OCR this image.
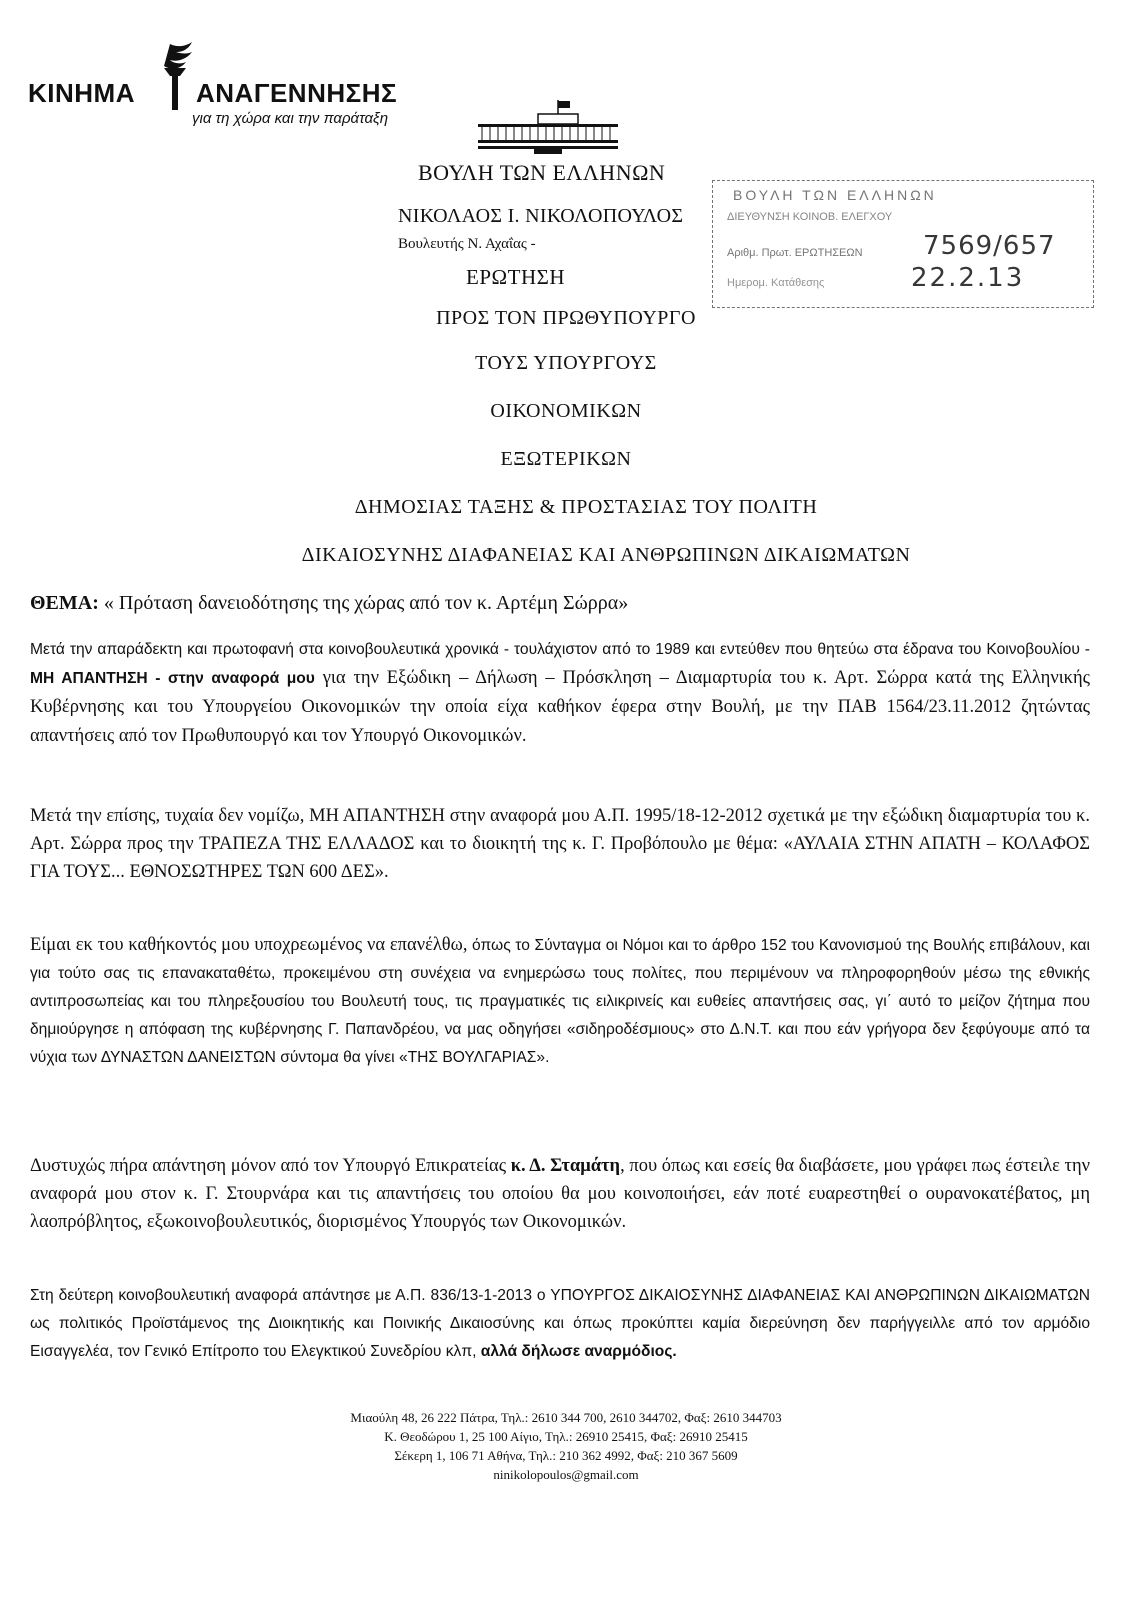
ΚΙΝΗΜΑ ΑΝΑΓΕΝΝΗΣΗΣ
για τη χώρα και την παράταξη
ΒΟΥΛΗ ΤΩΝ ΕΛΛΗΝΩΝ
ΝΙΚΟΛΑΟΣ Ι. ΝΙΚΟΛΟΠΟΥΛΟΣ
Βουλευτής Ν. Αχαΐας -
ΕΡΩΤΗΣΗ
ΒΟΥΛΗ ΤΩΝ ΕΛΛΗΝΩΝ
ΔΙΕΥΘΥΝΣΗ ΚΟΙΝΟΒ. ΕΛΕΓΧΟΥ
Αριθμ. Πρωτ. ΕΡΩΤΗΣΕΩΝ 7569/657
Ημερομ. Κατάθεσης	22.2.13
ΠΡΟΣ ΤΟΝ ΠΡΩΘΥΠΟΥΡΓΟ
ΤΟΥΣ ΥΠΟΥΡΓΟΥΣ
ΟΙΚΟΝΟΜΙΚΩΝ
ΕΞΩΤΕΡΙΚΩΝ
ΔΗΜΟΣΙΑΣ ΤΑΞΗΣ & ΠΡΟΣΤΑΣΙΑΣ ΤΟΥ ΠΟΛΙΤΗ
ΔΙΚΑΙΟΣΥΝΗΣ ΔΙΑΦΑΝΕΙΑΣ ΚΑΙ ΑΝΘΡΩΠΙΝΩΝ ΔΙΚΑΙΩΜΑΤΩΝ
ΘΕΜΑ: « Πρόταση δανειοδότησης της χώρας από τον κ. Αρτέμη Σώρρα»
Μετά την απαράδεκτη και πρωτοφανή στα κοινοβουλευτικά χρονικά - τουλάχιστον από το 1989 και εντεύθεν που θητεύω στα έδρανα του Κοινοβουλίου - ΜΗ ΑΠΑΝΤΗΣΗ - στην αναφορά μου για την Εξώδικη – Δήλωση – Πρόσκληση – Διαμαρτυρία του κ. Αρτ. Σώρρα κατά της Ελληνικής Κυβέρνησης και του Υπουργείου Οικονομικών την οποία είχα καθήκον έφερα στην Βουλή, με την ΠΑΒ 1564/23.11.2012 ζητώντας απαντήσεις από τον Πρωθυπουργό και τον Υπουργό Οικονομικών.
Μετά την επίσης, τυχαία δεν νομίζω, ΜΗ ΑΠΑΝΤΗΣΗ στην αναφορά μου Α.Π. 1995/18-12-2012 σχετικά με την εξώδικη διαμαρτυρία του κ. Αρτ. Σώρρα προς την ΤΡΑΠΕΖΑ ΤΗΣ ΕΛΛΑΔΟΣ και το διοικητή της κ. Γ. Προβόπουλο με θέμα: «ΑΥΛΑΙΑ ΣΤΗΝ ΑΠΑΤΗ – ΚΟΛΑΦΟΣ ΓΙΑ ΤΟΥΣ... ΕΘΝΟΣΩΤΗΡΕΣ ΤΩΝ 600 ΔΕΣ».
Είμαι εκ του καθήκοντός μου υποχρεωμένος να επανέλθω, όπως το Σύνταγμα οι Νόμοι και το άρθρο 152 του Κανονισμού της Βουλής επιβάλουν, και για τούτο σας τις επανακαταθέτω, προκειμένου στη συνέχεια να ενημερώσω τους πολίτες, που περιμένουν να πληροφορηθούν μέσω της εθνικής αντιπροσωπείας και του πληρεξουσίου του Βουλευτή τους, τις πραγματικές τις ειλικρινείς και ευθείες απαντήσεις σας, γι΄ αυτό το μείζον ζήτημα που δημιούργησε η απόφαση της κυβέρνησης Γ. Παπανδρέου, να μας οδηγήσει «σιδηροδέσμιους» στο Δ.Ν.Τ. και που εάν γρήγορα δεν ξεφύγουμε από τα νύχια των ΔΥΝΑΣΤΩΝ ΔΑΝΕΙΣΤΩΝ σύντομα θα γίνει «ΤΗΣ ΒΟΥΛΓΑΡΙΑΣ».
Δυστυχώς πήρα απάντηση μόνον από τον Υπουργό Επικρατείας κ. Δ. Σταμάτη, που όπως και εσείς θα διαβάσετε, μου γράφει πως έστειλε την αναφορά μου στον κ. Γ. Στουρνάρα και τις απαντήσεις του οποίου θα μου κοινοποιήσει, εάν ποτέ ευαρεστηθεί ο ουρανοκατέβατος, μη λαοπρόβλητος, εξωκοινοβουλευτικός, διορισμένος Υπουργός των Οικονομικών.
Στη δεύτερη κοινοβουλευτική αναφορά απάντησε με Α.Π. 836/13-1-2013 ο ΥΠΟΥΡΓΟΣ ΔΙΚΑΙΟΣΥΝΗΣ ΔΙΑΦΑΝΕΙΑΣ ΚΑΙ ΑΝΘΡΩΠΙΝΩΝ ΔΙΚΑΙΩΜΑΤΩΝ ως πολιτικός Προϊστάμενος της Διοικητικής και Ποινικής Δικαιοσύνης και όπως προκύπτει καμία διερεύνηση δεν παρήγγειλλε από τον αρμόδιο Εισαγγελέα, τον Γενικό Επίτροπο του Ελεγκτικού Συνεδρίου κλπ, αλλά δήλωσε αναρμόδιος.
Μιαούλη 48, 26 222 Πάτρα, Τηλ.: 2610 344 700, 2610 344702, Φαξ: 2610 344703
Κ. Θεοδώρου 1, 25 100 Αίγιο, Τηλ.: 26910 25415, Φαξ: 26910 25415
Σέκερη 1, 106 71 Αθήνα, Τηλ.: 210 362 4992, Φαξ: 210 367 5609
ninikolopoulos@gmail.com
